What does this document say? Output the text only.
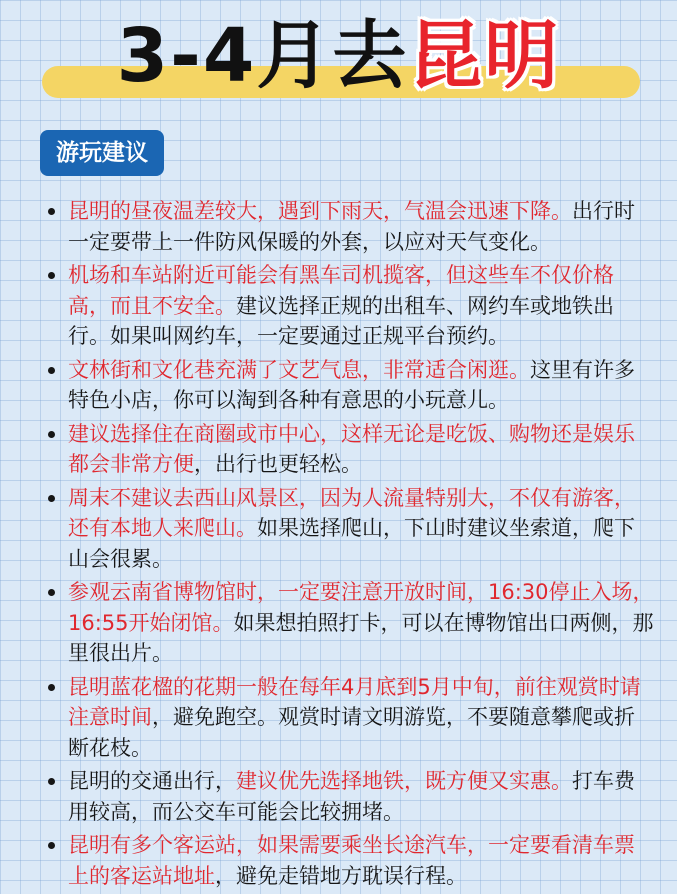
3-4月去昆明
游玩建议
昆明的昼夜温差较大，遇到下雨天，气温会迅速下降。出行时一定要带上一件防风保暖的外套，以应对天气变化。
机场和车站附近可能会有黑车司机揽客，但这些车不仅价格高，而且不安全。建议选择正规的出租车、网约车或地铁出行。如果叫网约车，一定要通过正规平台预约。
文林街和文化巷充满了文艺气息，非常适合闲逛。这里有许多特色小店，你可以淘到各种有意思的小玩意儿。
建议选择住在商圈或市中心，这样无论是吃饭、购物还是娱乐都会非常方便，出行也更轻松。
周末不建议去西山风景区，因为人流量特别大，不仅有游客，还有本地人来爬山。如果选择爬山，下山时建议坐索道，爬下山会很累。
参观云南省博物馆时，一定要注意开放时间，16:30停止入场，16:55开始闭馆。如果想拍照打卡，可以在博物馆出口两侧，那里很出片。
昆明蓝花楹的花期一般在每年4月底到5月中旬，前往观赏时请注意时间，避免跑空。观赏时请文明游览，不要随意攀爬或折断花枝。
昆明的交通出行，建议优先选择地铁，既方便又实惠。打车费用较高，而公交车可能会比较拥堵。
昆明有多个客运站，如果需要乘坐长途汽车，一定要看清车票上的客运站地址，避免走错地方耽误行程。
